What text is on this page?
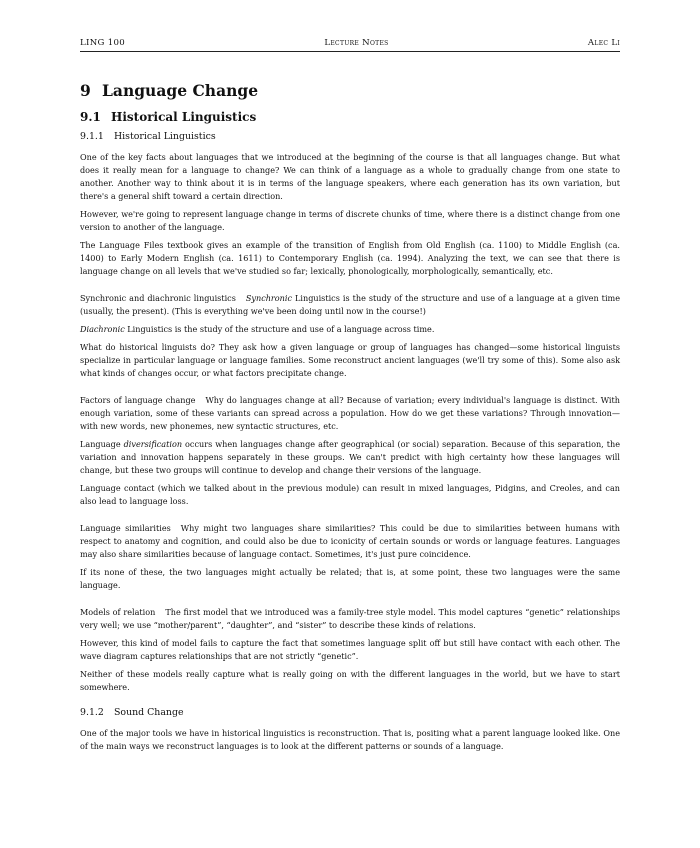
LING 100	Lecture Notes	Alec Li
9 Language Change
9.1 Historical Linguistics
9.1.1 Historical Linguistics

One of the key facts about languages that we introduced at the beginning of the course is that all languages change. But what does it really mean for a language to change? We can think of a language as a whole to gradually change from one state to another. Another way to think about it is in terms of the language speakers, where each generation has its own variation, but there's a general shift toward a certain direction.

However, we're going to represent language change in terms of discrete chunks of time, where there is a distinct change from one version to another of the language.

The Language Files textbook gives an example of the transition of English from Old English (ca. 1100) to Middle English (ca. 1400) to Early Modern English (ca. 1611) to Contemporary English (ca. 1994). Analyzing the text, we can see that there is language change on all levels that we've studied so far; lexically, phonologically, morphologically, semantically, etc.

Synchronic and diachronic linguistics Synchronic Linguistics is the study of the structure and use of a language at a given time (usually, the present). (This is everything we've been doing until now in the course!)

Diachronic Linguistics is the study of the structure and use of a language across time.

What do historical linguists do? They ask how a given language or group of languages has changed—some historical linguists specialize in particular language or language families. Some reconstruct ancient languages (we'll try some of this). Some also ask what kinds of changes occur, or what factors precipitate change.

Factors of language change Why do languages change at all? Because of variation; every individual's language is distinct. With enough variation, some of these variants can spread across a population. How do we get these variations? Through innovation—with new words, new phonemes, new syntactic structures, etc.

Language diversification occurs when languages change after geographical (or social) separation. Because of this separation, the variation and innovation happens separately in these groups. We can't predict with high certainty how these languages will change, but these two groups will continue to develop and change their versions of the language.

Language contact (which we talked about in the previous module) can result in mixed languages, Pidgins, and Creoles, and can also lead to language loss.

Language similarities Why might two languages share similarities? This could be due to similarities between humans with respect to anatomy and cognition, and could also be due to iconicity of certain sounds or words or language features. Languages may also share similarities because of language contact. Sometimes, it's just pure coincidence.

If its none of these, the two languages might actually be related; that is, at some point, these two languages were the same language.

Models of relation The first model that we introduced was a family-tree style model. This model captures “genetic” relationships very well; we use “mother/parent”, “daughter”, and “sister” to describe these kinds of relations.

However, this kind of model fails to capture the fact that sometimes language split off but still have contact with each other. The wave diagram captures relationships that are not strictly “genetic”.

Neither of these models really capture what is really going on with the different languages in the world, but we have to start somewhere.

9.1.2 Sound Change

One of the major tools we have in historical linguistics is reconstruction. That is, positing what a parent language looked like. One of the main ways we reconstruct languages is to look at the different patterns or sounds of a language.
